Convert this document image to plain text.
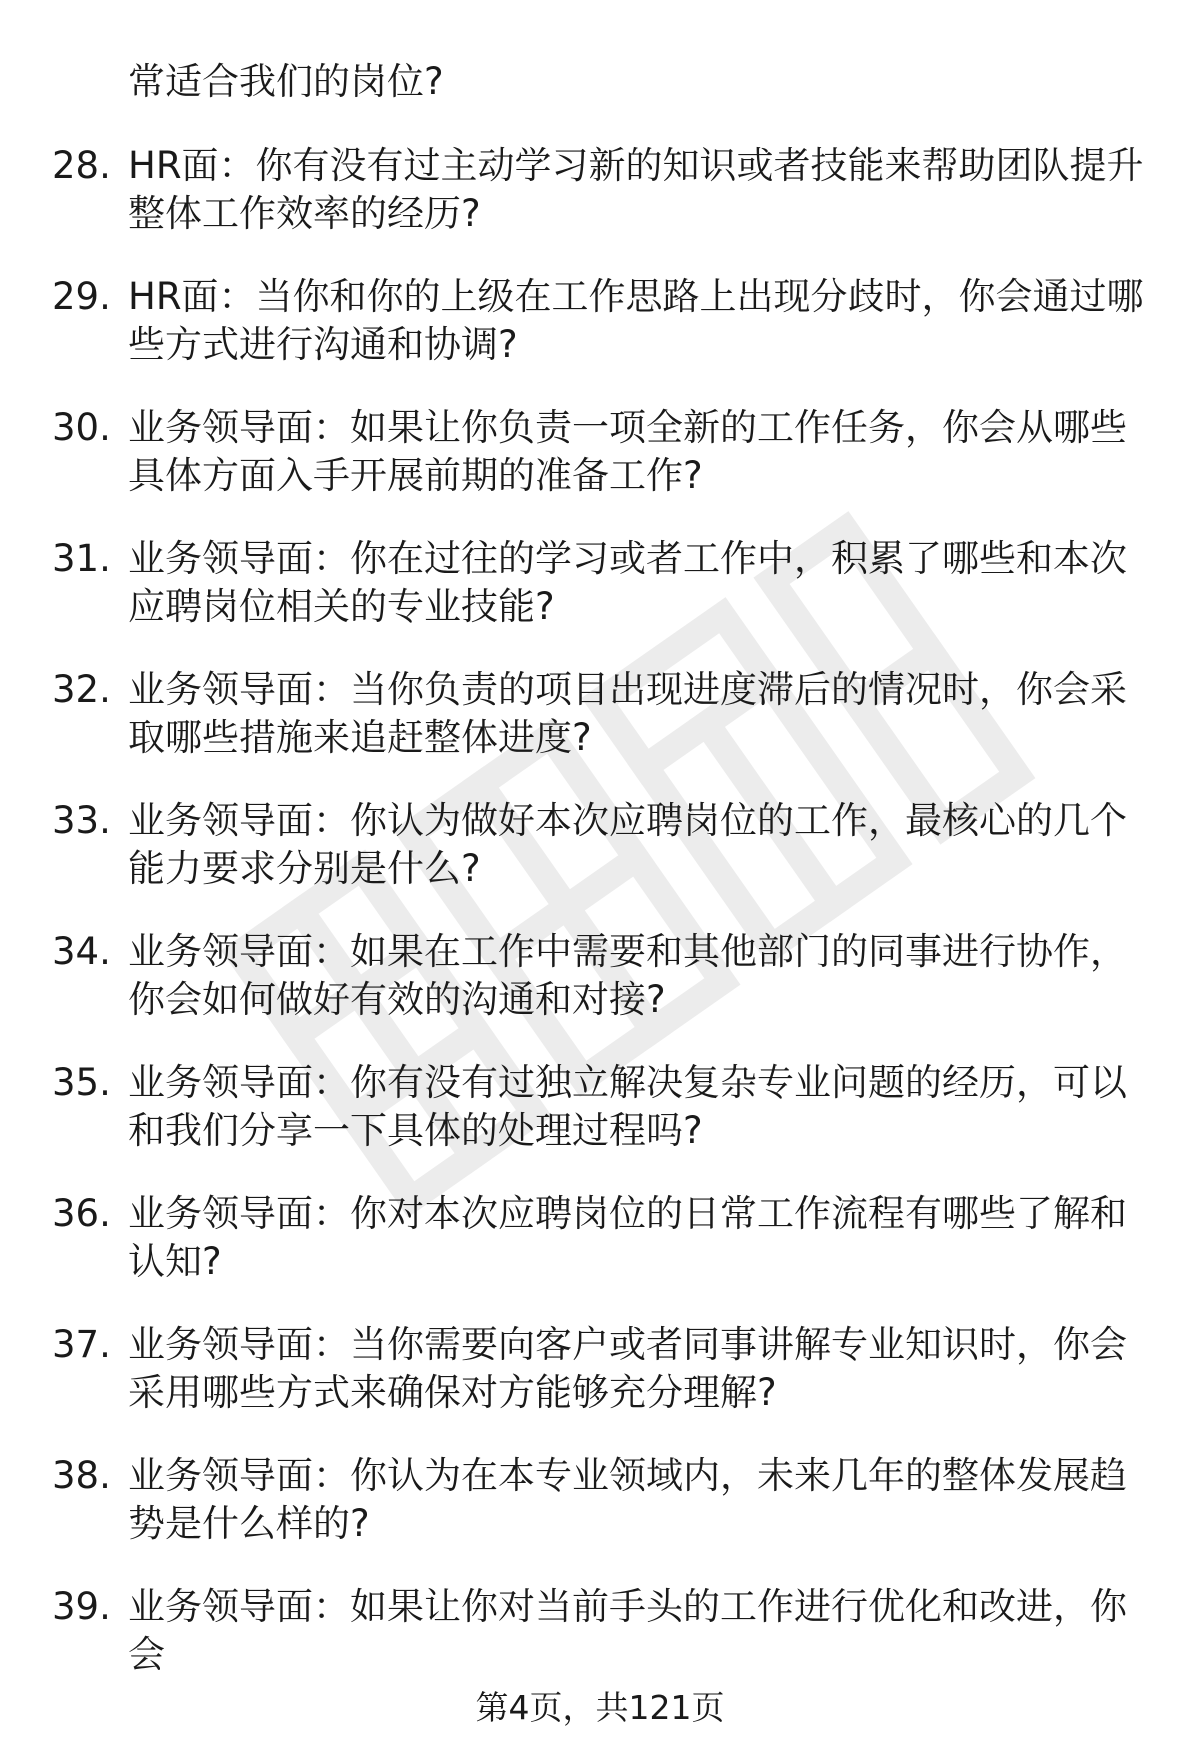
常适合我们的岗位?
28. HR面：你有没有过主动学习新的知识或者技能来帮助团队提升整体工作效率的经历?
29. HR面：当你和你的上级在工作思路上出现分歧时，你会通过哪些方式进行沟通和协调?
30. 业务领导面：如果让你负责一项全新的工作任务，你会从哪些具体方面入手开展前期的准备工作?
31. 业务领导面：你在过往的学习或者工作中，积累了哪些和本次应聘岗位相关的专业技能?
32. 业务领导面：当你负责的项目出现进度滞后的情况时，你会采取哪些措施来追赶整体进度?
33. 业务领导面：你认为做好本次应聘岗位的工作，最核心的几个能力要求分别是什么?
34. 业务领导面：如果在工作中需要和其他部门的同事进行协作，你会如何做好有效的沟通和对接?
35. 业务领导面：你有没有过独立解决复杂专业问题的经历，可以和我们分享一下具体的处理过程吗?
36. 业务领导面：你对本次应聘岗位的日常工作流程有哪些了解和认知?
37. 业务领导面：当你需要向客户或者同事讲解专业知识时，你会采用哪些方式来确保对方能够充分理解?
38. 业务领导面：你认为在本专业领域内，未来几年的整体发展趋势是什么样的?
39. 业务领导面：如果让你对当前手头的工作进行优化和改进，你会
第4页，共121页
